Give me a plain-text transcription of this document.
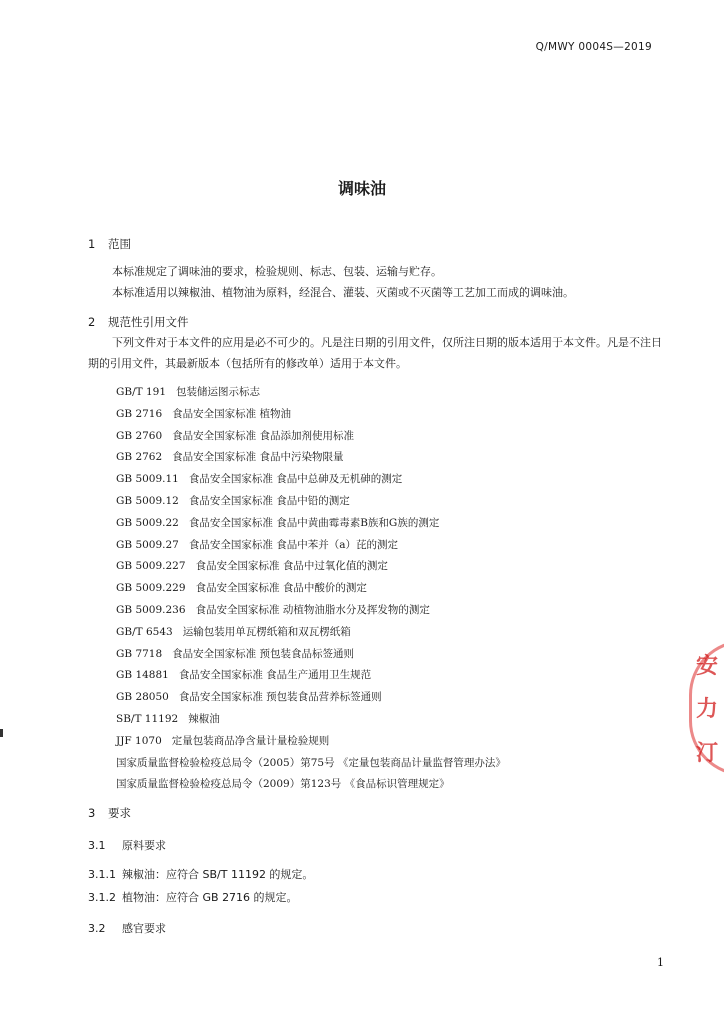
Q/MWY 0004S—2019
调味油
1 范围
本标准规定了调味油的要求，检验规则、标志、包装、运输与贮存。
本标准适用以辣椒油、植物油为原料，经混合、灌装、灭菌或不灭菌等工艺加工而成的调味油。
2 规范性引用文件
下列文件对于本文件的应用是必不可少的。凡是注日期的引用文件，仅所注日期的版本适用于本文件。凡是不注日期的引用文件，其最新版本（包括所有的修改单）适用于本文件。
GB/T 191 包装储运图示标志
GB 2716 食品安全国家标准 植物油
GB 2760 食品安全国家标准 食品添加剂使用标准
GB 2762 食品安全国家标准 食品中污染物限量
GB 5009.11 食品安全国家标准 食品中总砷及无机砷的测定
GB 5009.12 食品安全国家标准 食品中铅的测定
GB 5009.22 食品安全国家标准 食品中黄曲霉毒素B族和G族的测定
GB 5009.27 食品安全国家标准 食品中苯并（a）芘的测定
GB 5009.227 食品安全国家标准 食品中过氧化值的测定
GB 5009.229 食品安全国家标准 食品中酸价的测定
GB 5009.236 食品安全国家标准 动植物油脂水分及挥发物的测定
GB/T 6543 运输包装用单瓦楞纸箱和双瓦楞纸箱
GB 7718 食品安全国家标准 预包装食品标签通则
GB 14881 食品安全国家标准 食品生产通用卫生规范
GB 28050 食品安全国家标准 预包装食品营养标签通则
SB/T 11192 辣椒油
JJF 1070 定量包装商品净含量计量检验规则
国家质量监督检验检疫总局令（2005）第75号 《定量包装商品计量监督管理办法》
国家质量监督检验检疫总局令（2009）第123号 《食品标识管理规定》
3 要求
3.1 原料要求
3.1.1 辣椒油：应符合 SB/T 11192 的规定。
3.1.2 植物油：应符合 GB 2716 的规定。
3.2 感官要求
1
安
力
汀
